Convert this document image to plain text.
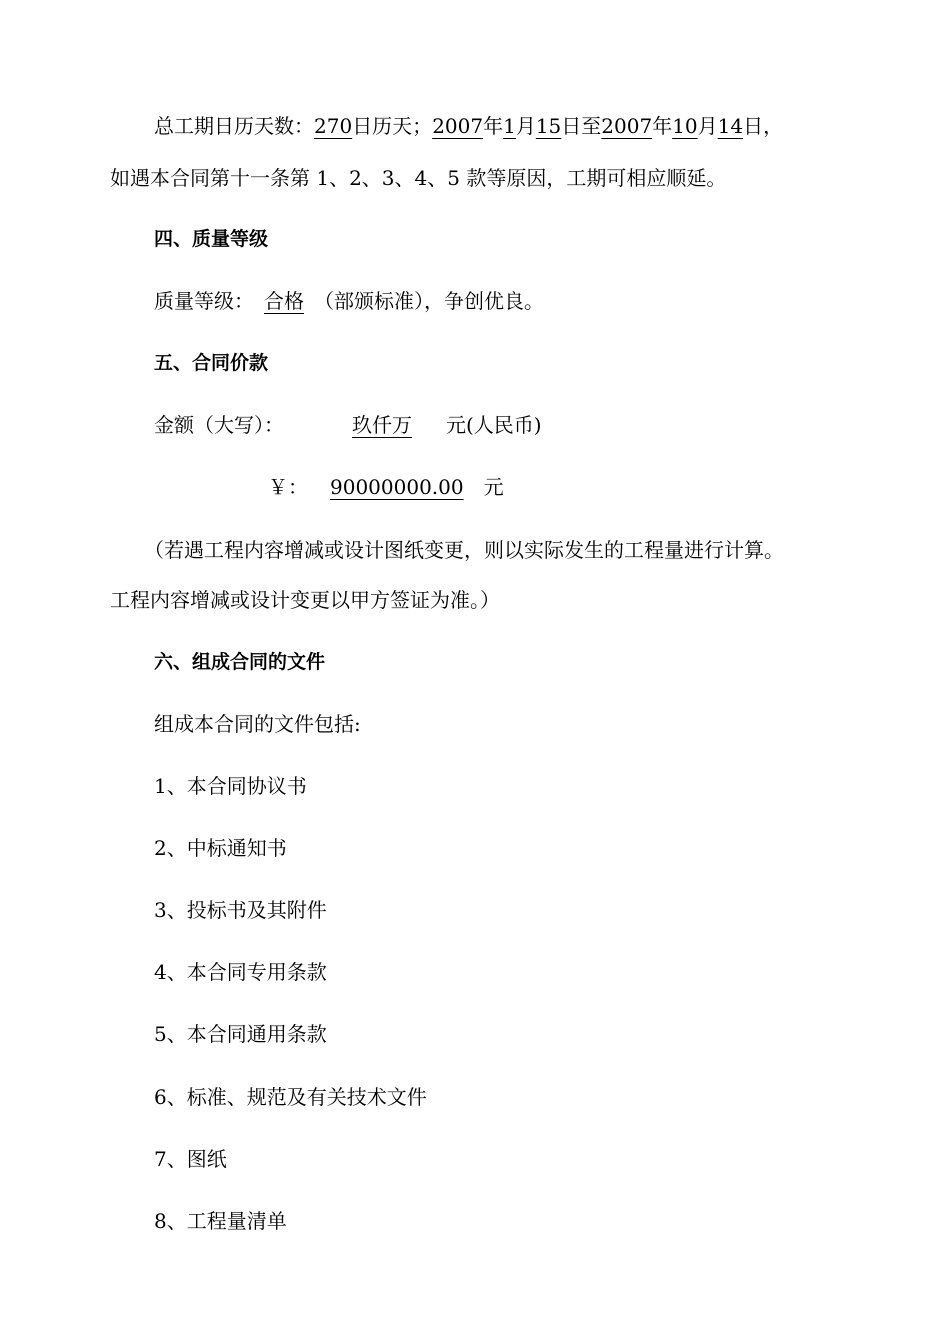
总工期日历天数：270日历天；2007年1月15日至2007年10月14日，
如遇本合同第十一条第 1、2、3、4、5 款等原因，工期可相应顺延。
四、质量等级
质量等级： 合格 （部颁标准），争创优良。
五、合同价款
金额（大写）：	玖仟万 元(人民币)
￥： 90000000.00 元
（若遇工程内容增减或设计图纸变更，则以实际发生的工程量进行计算。
工程内容增减或设计变更以甲方签证为准。）
六、组成合同的文件
组成本合同的文件包括:
1、本合同协议书
2、中标通知书
3、投标书及其附件
4、本合同专用条款
5、本合同通用条款
6、标准、规范及有关技术文件
7、图纸
8、工程量清单
